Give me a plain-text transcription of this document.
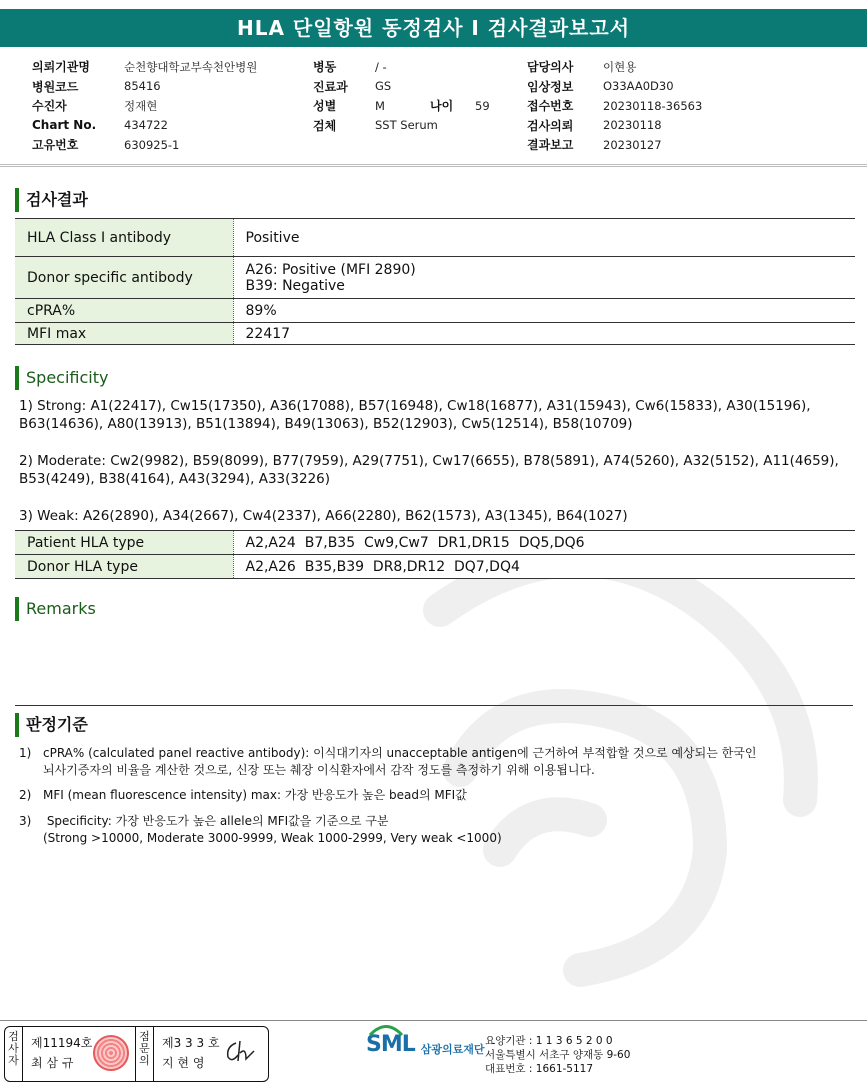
HLA 단일항원 동정검사 I 검사결과보고서
의뢰기관명	순천향대학교부속천안병원
병원코드	85416
수진자	정재현
Chart No.	434722
고유번호	630925-1
병동	/ -
진료과	GS
성별	M	나이	59
검체	SST Serum
담당의사	이현용
임상정보	O33AA0D30
접수번호	20230118-36563
검사의뢰	20230118
결과보고	20230127
검사결과
HLA Class I antibody	Positive
Donor specific antibody	A26: Positive (MFI 2890)
B39: Negative

cPRA%	89%
MFI max	22417
Specificity
1) Strong: A1(22417), Cw15(17350), A36(17088), B57(16948), Cw18(16877), A31(15943), Cw6(15833), A30(15196), B63(14636), A80(13913), B51(13894), B49(13063), B52(12903), Cw5(12514), B58(10709)
2) Moderate: Cw2(9982), B59(8099), B77(7959), A29(7751), Cw17(6655), B78(5891), A74(5260), A32(5152), A11(4659), B53(4249), B38(4164), A43(3294), A33(3226)
3) Weak: A26(2890), A34(2667), Cw4(2337), A66(2280), B62(1573), A3(1345), B64(1027)
Patient HLA type	A2,A24  B7,B35  Cw9,Cw7  DR1,DR15  DQ5,DQ6
Donor HLA type	A2,A26  B35,B39  DR8,DR12  DQ7,DQ4
Remarks
판정기준
1) cPRA% (calculated panel reactive antibody): 이식대기자의 unacceptable antigen에 근거하여 부적합할 것으로 예상되는 한국인
뇌사기증자의 비율을 계산한 것으로, 신장 또는 췌장 이식환자에서 감작 정도를 측정하기 위해 이용됩니다.
2) MFI (mean fluorescence intensity) max: 가장 반응도가 높은 bead의 MFI값
3) Specificity: 가장 반응도가 높은 allele의 MFI값을 기준으로 구분
(Strong >10000, Moderate 3000-9999, Weak 1000-2999, Very weak <1000)
검사자
제11194호
최 삼 규
점문의
제3 3 3 호
지 현 영
SML 삼광의료재단
요양기관 : 1 1 3 6 5 2 0 0
서울특별시 서초구 양재동 9-60
대표번호 : 1661-5117
